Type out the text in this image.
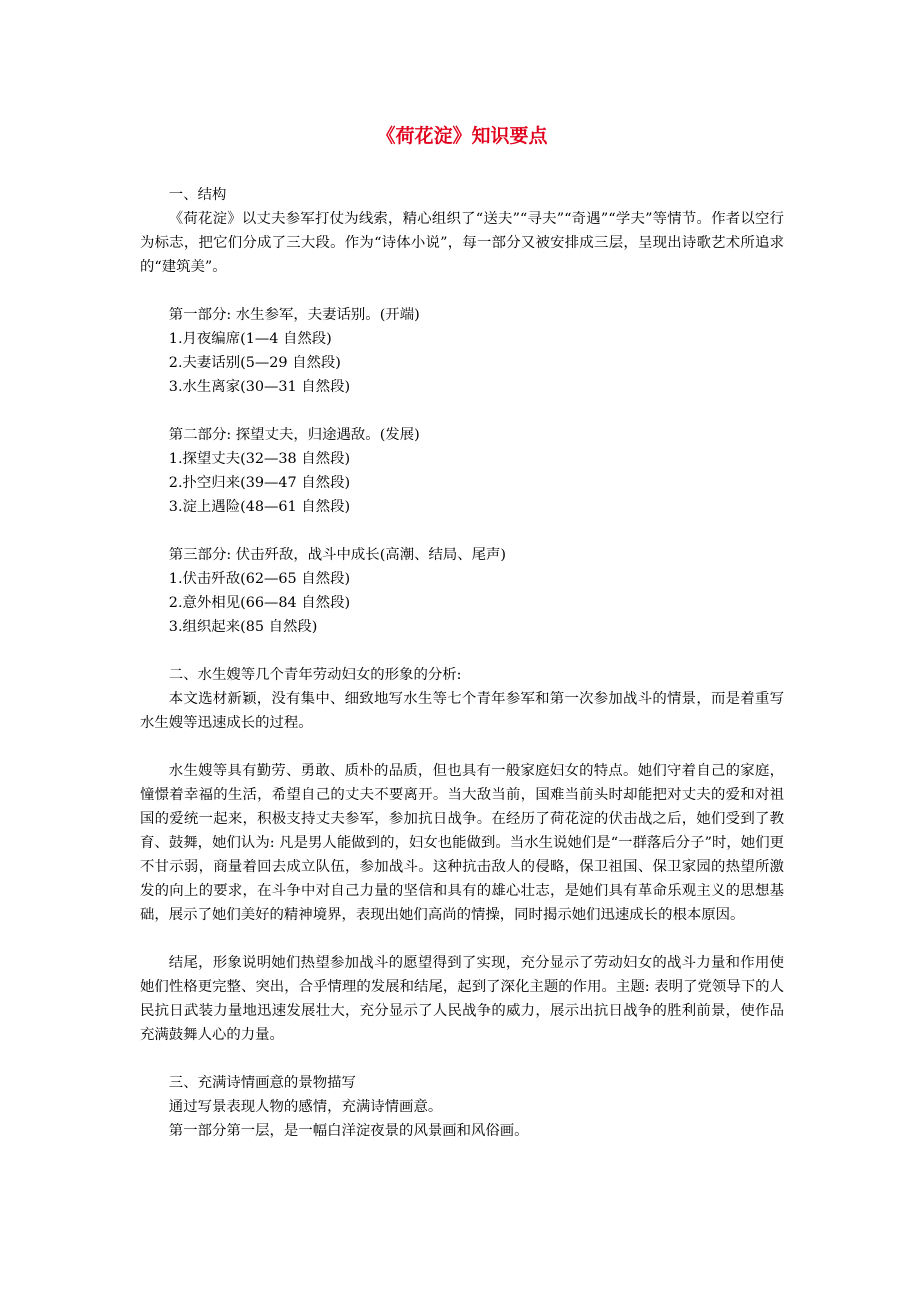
《荷花淀》知识要点

一、结构

《荷花淀》以丈夫参军打仗为线索，精心组织了“送夫”“寻夫”“奇遇”“学夫”等情节。作者以空行为标志，把它们分成了三大段。作为“诗体小说”，每一部分又被安排成三层，呈现出诗歌艺术所追求的“建筑美”。

第一部分: 水生参军，夫妻话别。(开端)

1.月夜编席(1—4 自然段)

2.夫妻话别(5—29 自然段)

3.水生离家(30—31 自然段)

第二部分: 探望丈夫，归途遇敌。(发展)

1.探望丈夫(32—38 自然段)

2.扑空归来(39—47 自然段)

3.淀上遇险(48—61 自然段)

第三部分: 伏击歼敌，战斗中成长(高潮、结局、尾声)

1.伏击歼敌(62—65 自然段)

2.意外相见(66—84 自然段)

3.组织起来(85 自然段)

二、水生嫂等几个青年劳动妇女的形象的分析:

本文选材新颖，没有集中、细致地写水生等七个青年参军和第一次参加战斗的情景，而是着重写水生嫂等迅速成长的过程。

水生嫂等具有勤劳、勇敢、质朴的品质，但也具有一般家庭妇女的特点。她们守着自己的家庭，憧憬着幸福的生活，希望自己的丈夫不要离开。当大敌当前，国难当前头时却能把对丈夫的爱和对祖国的爱统一起来，积极支持丈夫参军，参加抗日战争。在经历了荷花淀的伏击战之后，她们受到了教育、鼓舞，她们认为: 凡是男人能做到的，妇女也能做到。当水生说她们是“一群落后分子”时，她们更不甘示弱，商量着回去成立队伍，参加战斗。这种抗击敌人的侵略，保卫祖国、保卫家园的热望所激发的向上的要求，在斗争中对自己力量的坚信和具有的雄心壮志，是她们具有革命乐观主义的思想基础，展示了她们美好的精神境界，表现出她们高尚的情操，同时揭示她们迅速成长的根本原因。

结尾，形象说明她们热望参加战斗的愿望得到了实现，充分显示了劳动妇女的战斗力量和作用使她们性格更完整、突出，合乎情理的发展和结尾，起到了深化主题的作用。主题: 表明了党领导下的人民抗日武装力量地迅速发展壮大，充分显示了人民战争的威力，展示出抗日战争的胜利前景，使作品充满鼓舞人心的力量。

三、充满诗情画意的景物描写

通过写景表现人物的感情，充满诗情画意。

第一部分第一层，是一幅白洋淀夜景的风景画和风俗画。
